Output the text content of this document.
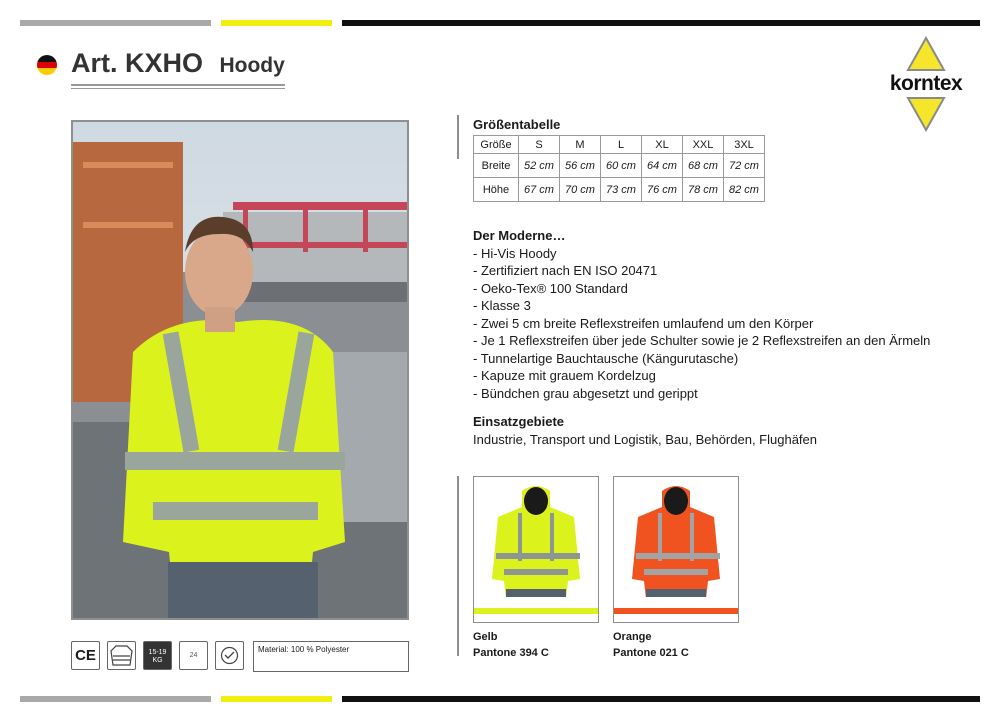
Art. KXHO Hoody
korntex
Größentabelle
Größe	S	M	L	XL	XXL	3XL
Breite	52 cm	56 cm	60 cm	64 cm	68 cm	72 cm
Höhe	67 cm	70 cm	73 cm	76 cm	78 cm	82 cm
Der Moderne…
- Hi-Vis Hoody
- Zertifiziert nach EN ISO 20471
- Oeko-Tex® 100 Standard
- Klasse 3
- Zwei 5 cm breite Reflexstreifen umlaufend um den Körper
- Je 1 Reflexstreifen über jede Schulter sowie je 2 Reflexstreifen an den Ärmeln
- Tunnelartige Bauchtausche (Kängurutasche)
- Kapuze mit grauem Kordelzug
- Bündchen grau abgesetzt und gerippt
Einsatzgebiete
Industrie, Transport und Logistik, Bau, Behörden, Flughäfen
Gelb
Pantone 394 C
Orange
Pantone 021 C
CE	15-19
KG
24
Material: 100 % Polyester
